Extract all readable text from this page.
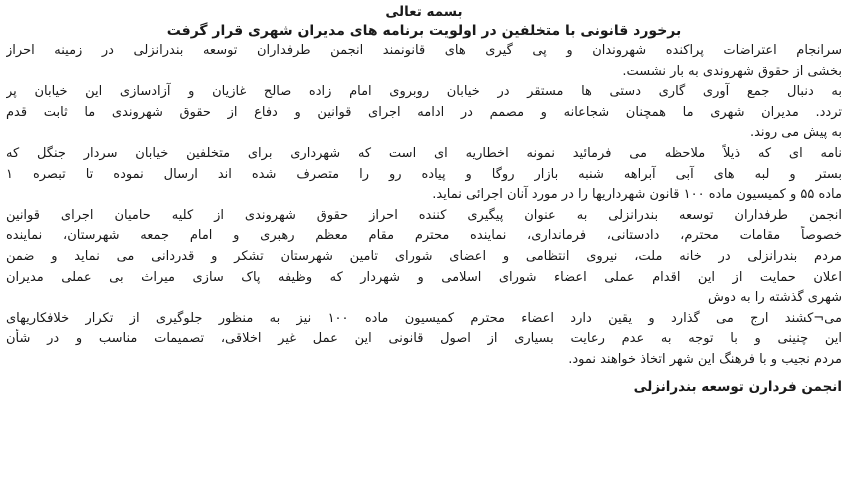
بسمه تعالی
برخورد قانونی با متخلفین در اولویت برنامه های مدیران شهری قرار گرفت
سرانجام اعتراضات پراکنده شهروندان و پی گیری های قانونمند انجمن طرفداران توسعه بندرانزلی در زمینه احراز
بخشی از حقوق شهروندی به بار نشست.
به دنبال جمع آوری گاری دستی ها مستقر در خیابان روبروی امام زاده صالح غازیان و آزادسازی این خیابان پر
تردد. مدیران شهری ما همچنان شجاعانه و مصمم در ادامه اجرای قوانین و دفاع از حقوق شهروندی ما ثابت قدم
به پیش می روند.
نامه ای که ذیلاً ملاحظه می فرمائید نمونه اخطاریه ای است که شهرداری برای متخلفین خیابان سردار جنگل که
بستر و لبه های آبی آبراهه شنبه بازار روگا و پیاده رو را متصرف شده اند ارسال نموده تا تبصره ۱
ماده ۵۵ و کمیسیون ماده ۱۰۰ قانون شهرداریها را در مورد آنان اجرائی نماید.
انجمن طرفداران توسعه بندرانزلی به عنوان پیگیری کننده احراز حقوق شهروندی از کلیه حامیان اجرای قوانین
خصوصاً مقامات محترم، دادستانی، فرمانداری، نماینده محترم مقام معظم رهبری و امام جمعه شهرستان، نماینده
مردم بندرانزلی در خانه ملت، نیروی انتظامی و اعضای شورای تامین شهرستان تشکر و قدردانی می نماید و ضمن
اعلان حمایت از این اقدام عملی اعضاء شورای اسلامی و شهردار که وظیفه پاک سازی میراث بی عملی مدیران
شهری گذشته را به دوش
می¬کشند ارج می گذارد و یقین دارد اعضاء محترم کمیسیون ماده ۱۰۰ نیز به منظور جلوگیری از تکرار خلافکاریهای
این چنینی و با توجه به عدم رعایت بسیاری از اصول قانونی این عمل غیر اخلاقی، تصمیمات مناسب و در شأن
مردم نجیب و با فرهنگ این شهر اتخاذ خواهند نمود.
انجمن فردارن توسعه بندرانزلی
